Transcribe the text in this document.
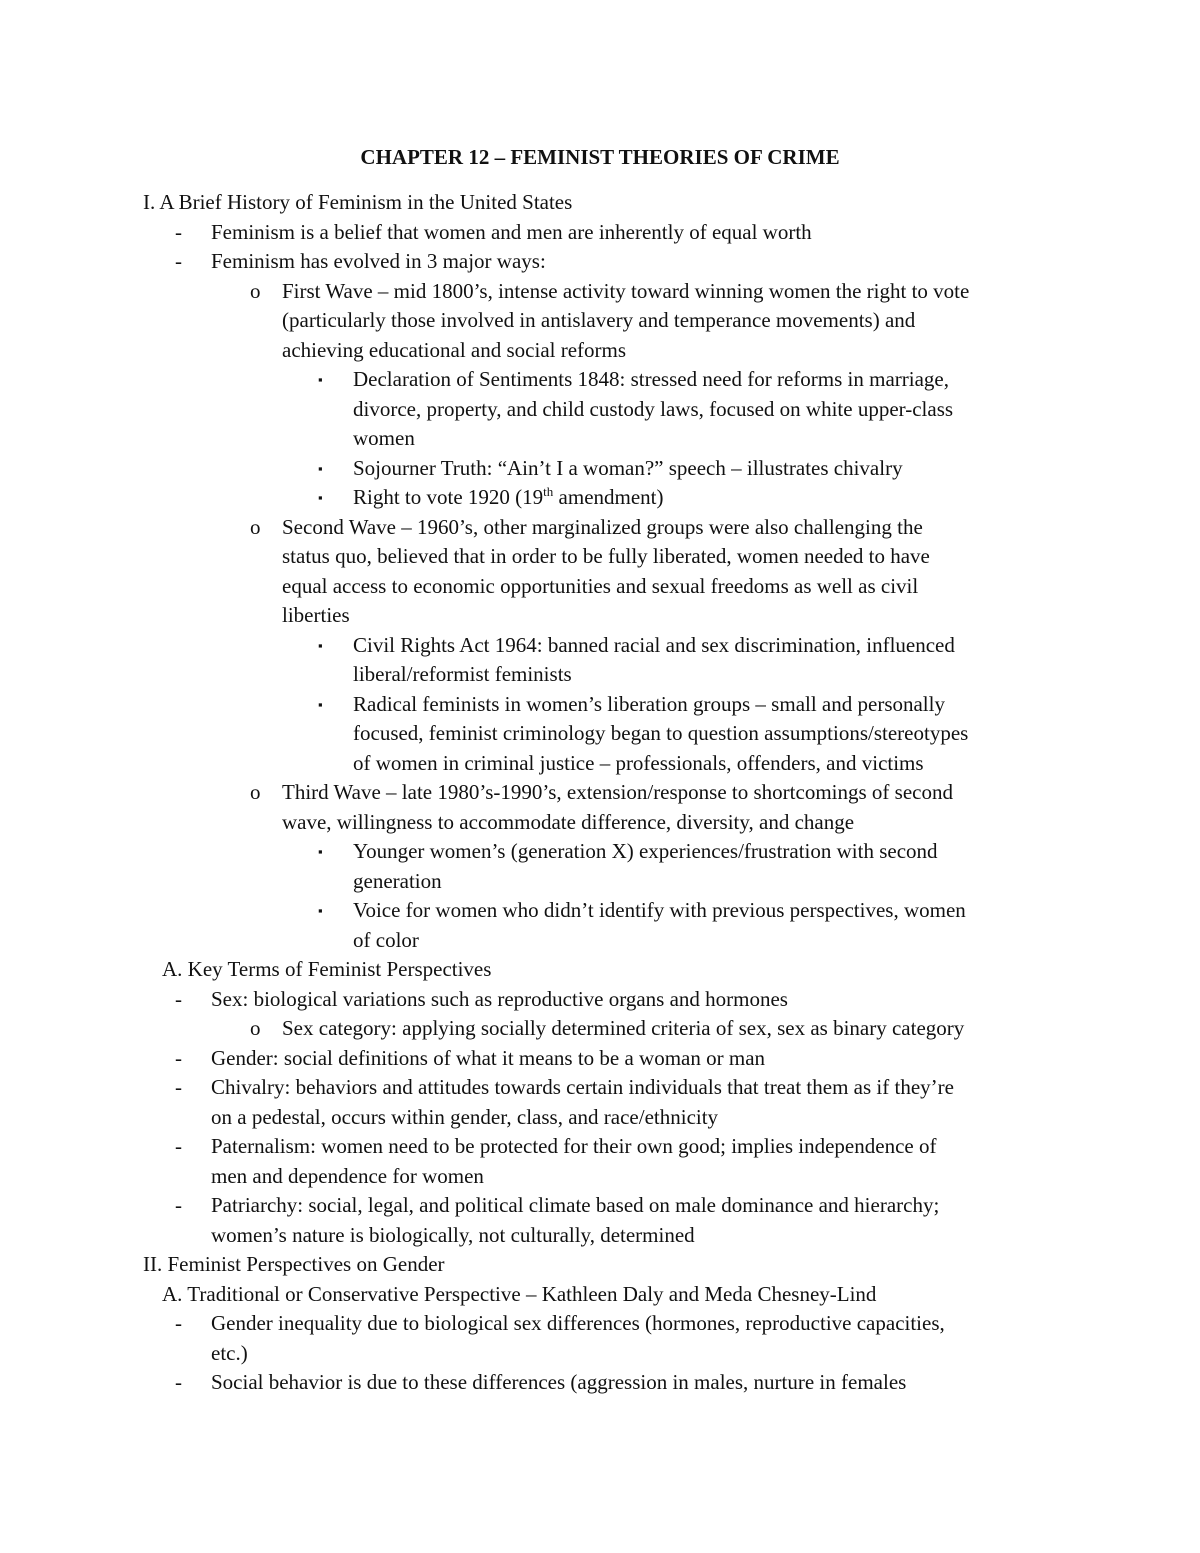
CHAPTER 12 – FEMINIST THEORIES OF CRIME
I. A Brief History of Feminism in the United States
- Feminism is a belief that women and men are inherently of equal worth
- Feminism has evolved in 3 major ways:
o First Wave – mid 1800’s, intense activity toward winning women the right to vote
(particularly those involved in antislavery and temperance movements) and
achieving educational and social reforms
▪ Declaration of Sentiments 1848: stressed need for reforms in marriage,
divorce, property, and child custody laws, focused on white upper-class
women
▪ Sojourner Truth: “Ain’t I a woman?” speech – illustrates chivalry
▪ Right to vote 1920 (19th amendment)
o Second Wave – 1960’s, other marginalized groups were also challenging the
status quo, believed that in order to be fully liberated, women needed to have
equal access to economic opportunities and sexual freedoms as well as civil
liberties
▪ Civil Rights Act 1964: banned racial and sex discrimination, influenced
liberal/reformist feminists
▪ Radical feminists in women’s liberation groups – small and personally
focused, feminist criminology began to question assumptions/stereotypes
of women in criminal justice – professionals, offenders, and victims
o Third Wave – late 1980’s-1990’s, extension/response to shortcomings of second
wave, willingness to accommodate difference, diversity, and change
▪ Younger women’s (generation X) experiences/frustration with second
generation
▪ Voice for women who didn’t identify with previous perspectives, women
of color
A. Key Terms of Feminist Perspectives
- Sex: biological variations such as reproductive organs and hormones
o Sex category: applying socially determined criteria of sex, sex as binary category
- Gender: social definitions of what it means to be a woman or man
- Chivalry: behaviors and attitudes towards certain individuals that treat them as if they’re
on a pedestal, occurs within gender, class, and race/ethnicity
- Paternalism: women need to be protected for their own good; implies independence of
men and dependence for women
- Patriarchy: social, legal, and political climate based on male dominance and hierarchy;
women’s nature is biologically, not culturally, determined
II. Feminist Perspectives on Gender
A. Traditional or Conservative Perspective – Kathleen Daly and Meda Chesney-Lind
- Gender inequality due to biological sex differences (hormones, reproductive capacities,
etc.)
- Social behavior is due to these differences (aggression in males, nurture in females
